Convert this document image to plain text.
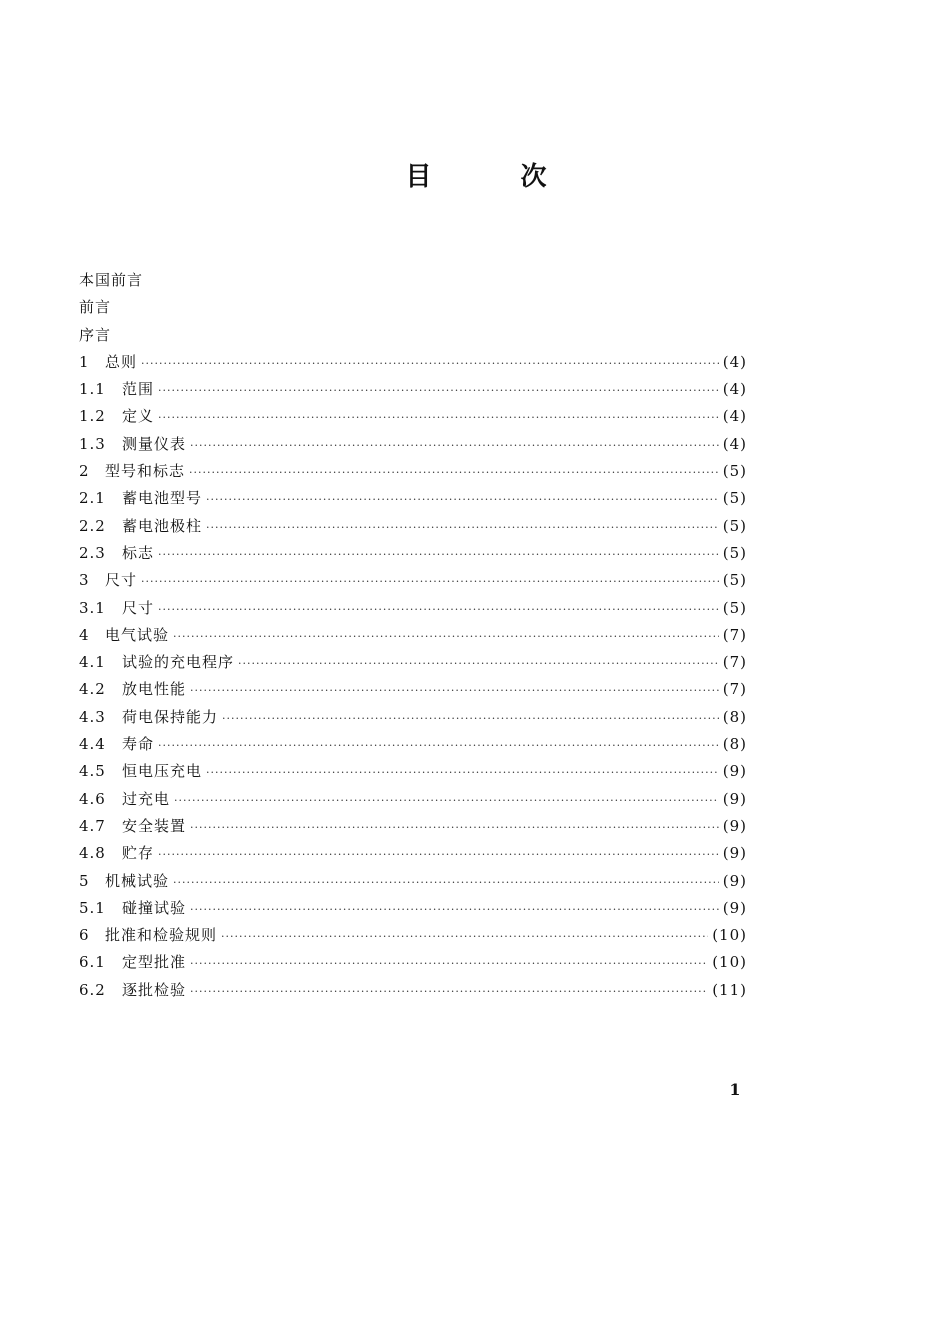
目 次
本国前言
前言
序言
1	总则 ·····	(4)
1.1	范围 ·····	(4)
1.2	定义 ·····	(4)
1.3	测量仪表 ·····	(4)
2	型号和标志 ·····	(5)
2.1	蓄电池型号 ·····	(5)
2.2	蓄电池极柱 ·····	(5)
2.3	标志 ·····	(5)
3	尺寸 ·····	(5)
3.1	尺寸 ·····	(5)
4	电气试验 ·····	(7)
4.1	试验的充电程序 ·····	(7)
4.2	放电性能 ·····	(7)
4.3	荷电保持能力 ·····	(8)
4.4	寿命 ·····	(8)
4.5	恒电压充电 ·····	(9)
4.6	过充电 ·····	(9)
4.7	安全装置 ·····	(9)
4.8	贮存 ·····	(9)
5	机械试验 ·····	(9)
5.1	碰撞试验 ·····	(9)
6	批准和检验规则 ·····	(10)
6.1	定型批准 ·····	(10)
6.2	逐批检验 ·····	(11)
1
